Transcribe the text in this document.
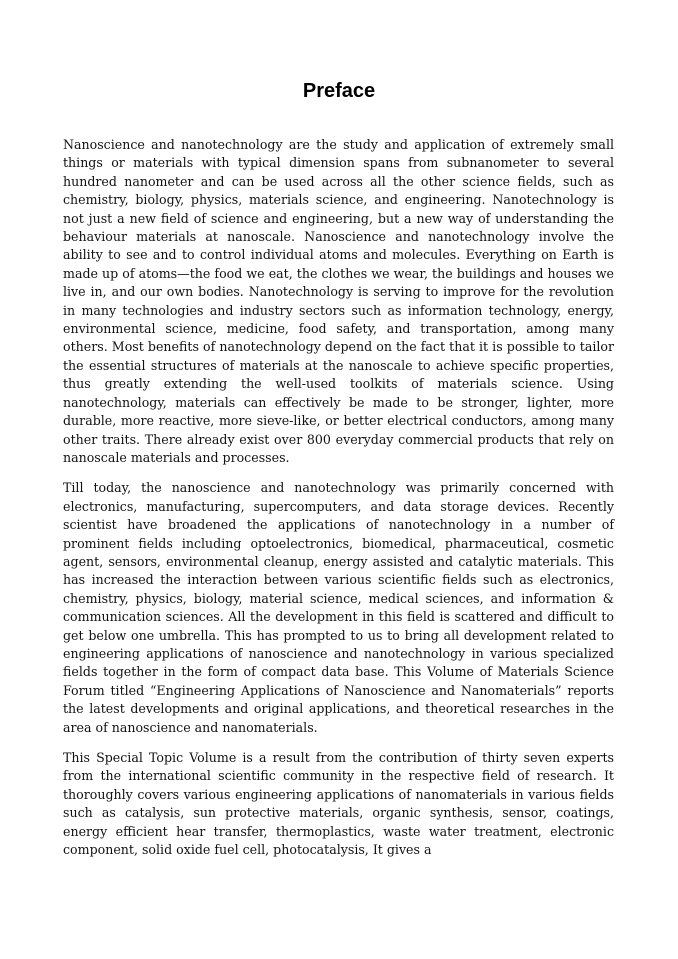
Preface

Nanoscience and nanotechnology are the study and application of extremely small things or materials with typical dimension spans from subnanometer to several hundred nanometer and can be used across all the other science fields, such as chemistry, biology, physics, materials science, and engineering. Nanotechnology is not just a new field of science and engineering, but a new way of understanding the behaviour materials at nanoscale. Nanoscience and nanotechnology involve the ability to see and to control individual atoms and molecules. Everything on Earth is made up of atoms—the food we eat, the clothes we wear, the buildings and houses we live in, and our own bodies. Nanotechnology is serving to improve for the revolution in many technologies and industry sectors such as information technology, energy, environmental science, medicine, food safety, and transportation, among many others. Most benefits of nanotechnology depend on the fact that it is possible to tailor the essential structures of materials at the nanoscale to achieve specific properties, thus greatly extending the well-used toolkits of materials science. Using nanotechnology, materials can effectively be made to be stronger, lighter, more durable, more reactive, more sieve-like, or better electrical conductors, among many other traits. There already exist over 800 everyday commercial products that rely on nanoscale materials and processes.

Till today, the nanoscience and nanotechnology was primarily concerned with electronics, manufacturing, supercomputers, and data storage devices. Recently scientist have broadened the applications of nanotechnology in a number of prominent fields including optoelectronics, biomedical, pharmaceutical, cosmetic agent, sensors, environmental cleanup, energy assisted and catalytic materials. This has increased the interaction between various scientific fields such as electronics, chemistry, physics, biology, material science, medical sciences, and information & communication sciences. All the development in this field is scattered and difficult to get below one umbrella. This has prompted to us to bring all development related to engineering applications of nanoscience and nanotechnology in various specialized fields together in the form of compact data base. This Volume of Materials Science Forum titled “Engineering Applications of Nanoscience and Nanomaterials” reports the latest developments and original applications, and theoretical researches in the area of nanoscience and nanomaterials.

This Special Topic Volume is a result from the contribution of thirty seven experts from the international scientific community in the respective field of research. It thoroughly covers various engineering applications of nanomaterials in various fields such as catalysis, sun protective materials, organic synthesis, sensor, coatings, energy efficient hear transfer, thermoplastics, waste water treatment, electronic component, solid oxide fuel cell, photocatalysis, It gives a
